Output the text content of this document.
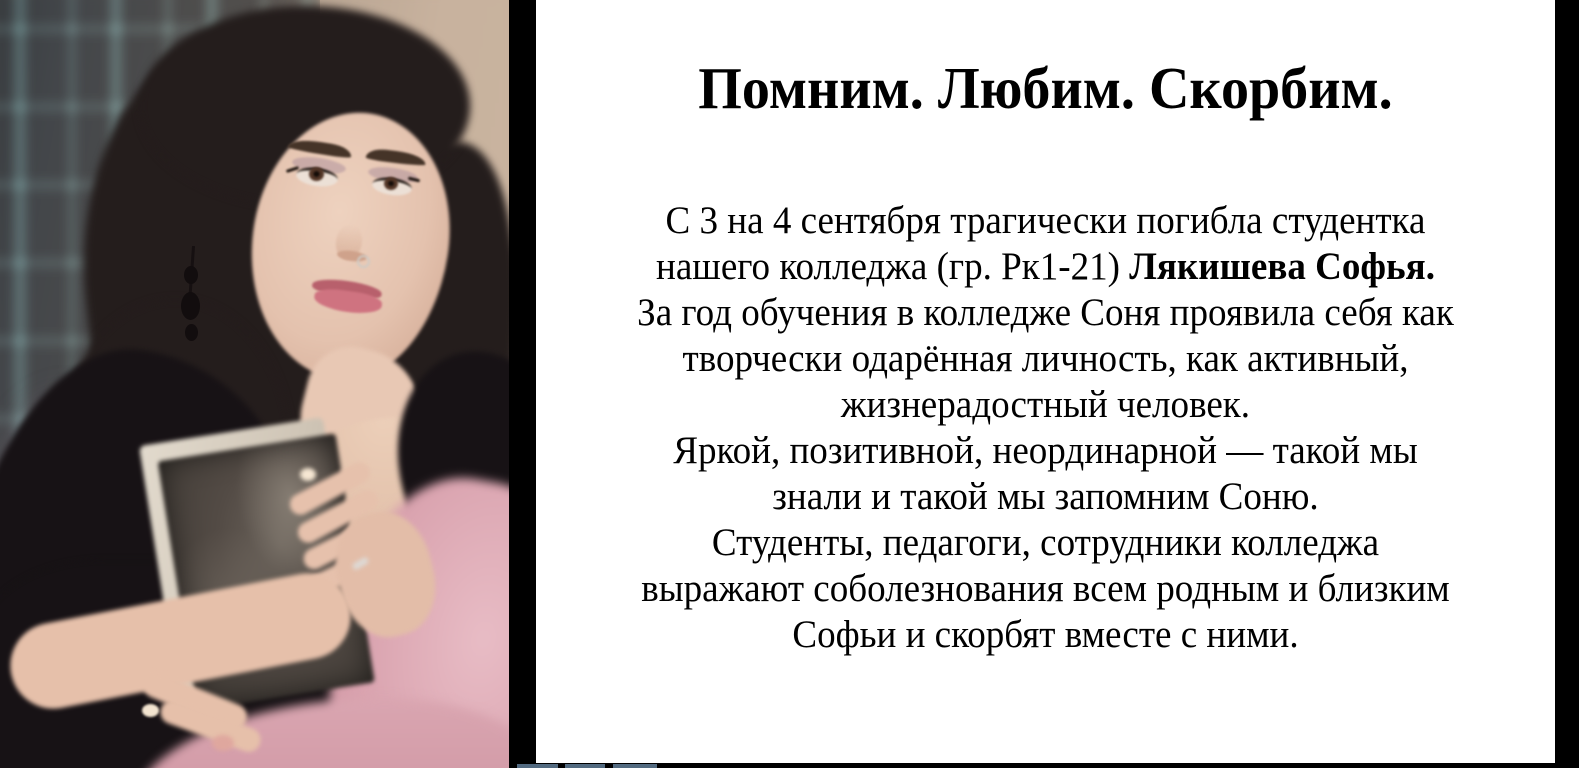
Помним. Любим. Скорбим.
С 3 на 4 сентября трагически погибла студентка
нашего колледжа (гр. Рк1-21) Лякишева Софья.
За год обучения в колледже Соня проявила себя как
творчески одарённая личность, как активный,
жизнерадостный человек.
Яркой, позитивной, неординарной — такой мы
знали и такой мы запомним Соню.
Студенты, педагоги, сотрудники колледжа
выражают соболезнования всем родным и близким
Софьи и скорбят вместе с ними.
